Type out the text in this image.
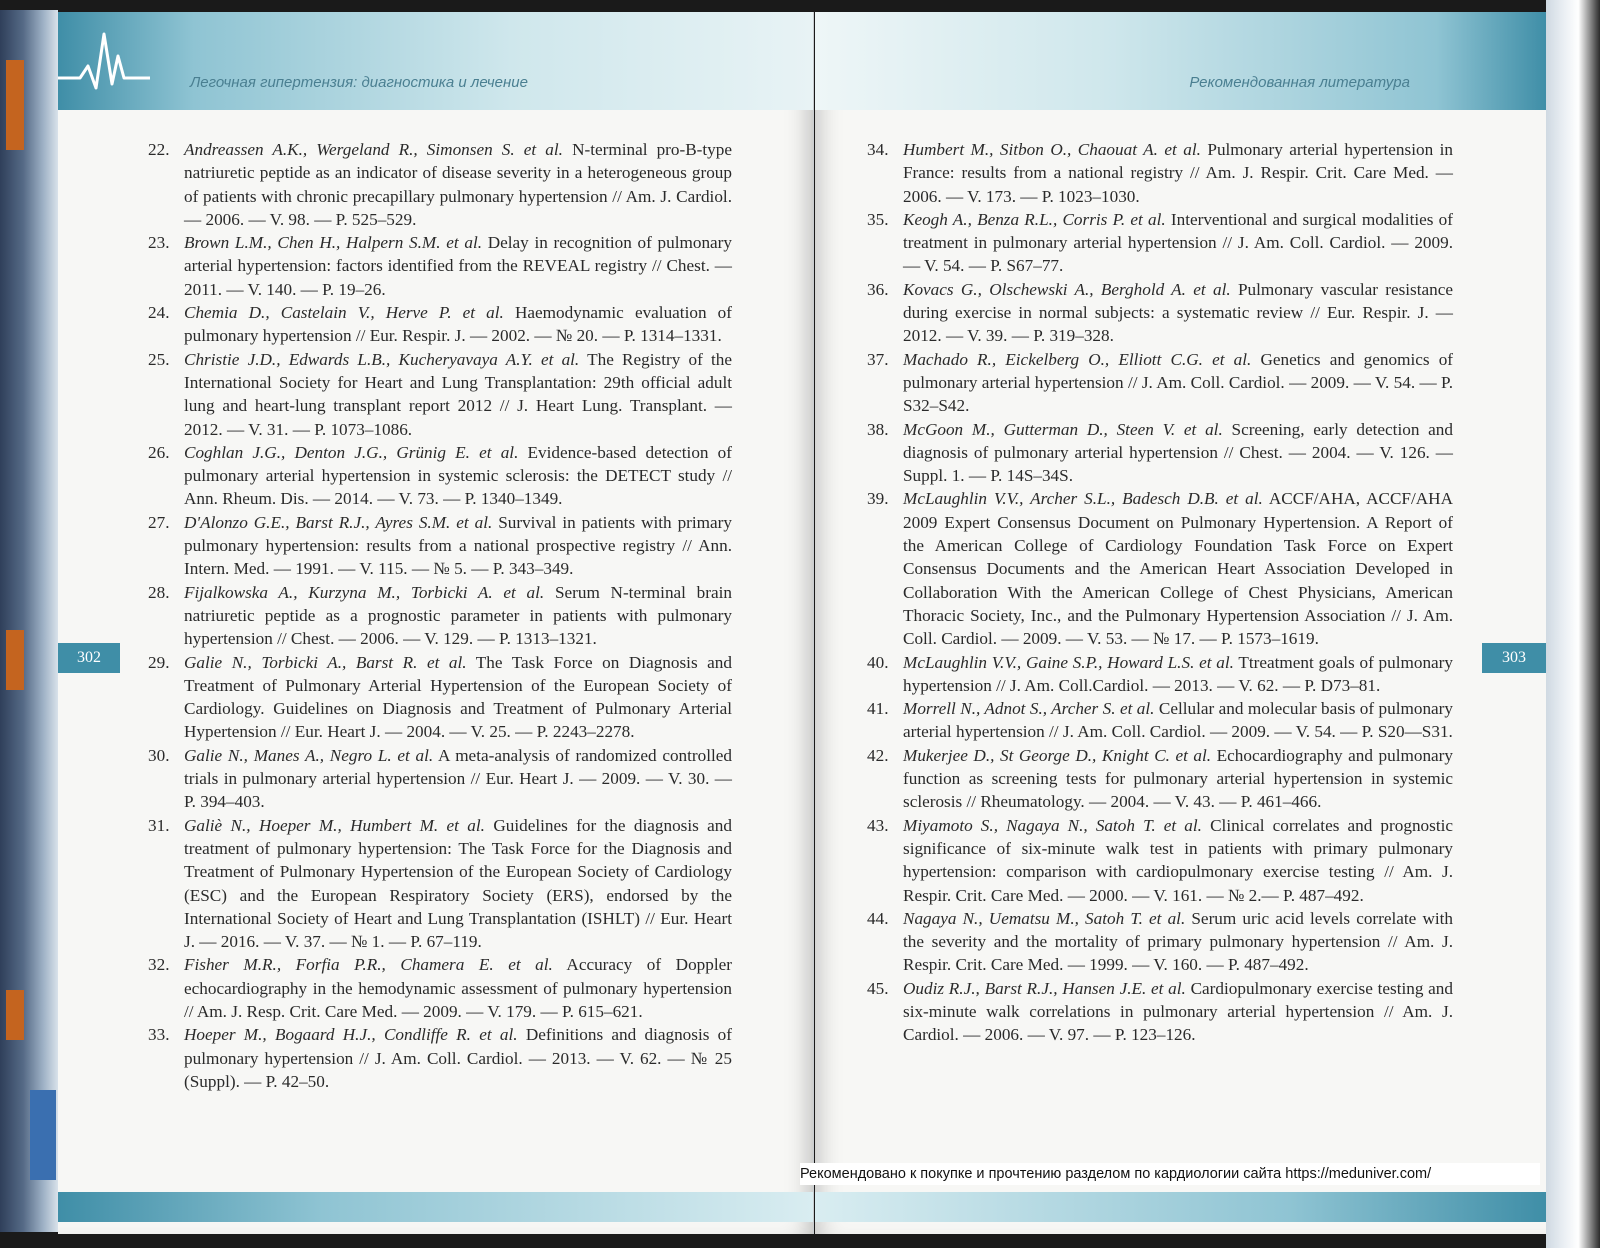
Легочная гипертензия: диагностика и лечение
22. Andreassen A.K., Wergeland R., Simonsen S. et al. N-terminal pro-B-type natriuretic peptide as an indicator of disease severity in a heterogeneous group of patients with chronic precapillary pulmonary hypertension // Am. J. Cardiol. — 2006. — V. 98. — P. 525–529.
23. Brown L.M., Chen H., Halpern S.M. et al. Delay in recognition of pulmonary arterial hypertension: factors identified from the REVEAL registry // Chest. — 2011. — V. 140. — P. 19–26.
24. Chemia D., Castelain V., Herve P. et al. Haemodynamic evaluation of pulmonary hypertension // Eur. Respir. J. — 2002. — № 20. — P. 1314–1331.
25. Christie J.D., Edwards L.B., Kucheryavaya A.Y. et al. The Registry of the International Society for Heart and Lung Transplantation: 29th official adult lung and heart-lung transplant report 2012 // J. Heart Lung. Transplant. — 2012. — V. 31. — P. 1073–1086.
26. Coghlan J.G., Denton J.G., Grünig E. et al. Evidence-based detection of pulmonary arterial hypertension in systemic sclerosis: the DETECT study // Ann. Rheum. Dis. — 2014. — V. 73. — P. 1340–1349.
27. D'Alonzo G.E., Barst R.J., Ayres S.M. et al. Survival in patients with primary pulmonary hypertension: results from a national prospective registry // Ann. Intern. Med. — 1991. — V. 115. — № 5. — P. 343–349.
28. Fijalkowska A., Kurzyna M., Torbicki A. et al. Serum N-terminal brain natriuretic peptide as a prognostic parameter in patients with pulmonary hypertension // Chest. — 2006. — V. 129. — P. 1313–1321.
29. Galie N., Torbicki A., Barst R. et al. The Task Force on Diagnosis and Treatment of Pulmonary Arterial Hypertension of the European Society of Cardiology. Guidelines on Diagnosis and Treatment of Pulmonary Arterial Hypertension // Eur. Heart J. — 2004. — V. 25. — P. 2243–2278.
30. Galie N., Manes A., Negro L. et al. A meta-analysis of randomized controlled trials in pulmonary arterial hypertension // Eur. Heart J. — 2009. — V. 30. — P. 394–403.
31. Galiè N., Hoeper M., Humbert M. et al. Guidelines for the diagnosis and treatment of pulmonary hypertension: The Task Force for the Diagnosis and Treatment of Pulmonary Hypertension of the European Society of Cardiology (ESC) and the European Respiratory Society (ERS), endorsed by the International Society of Heart and Lung Transplantation (ISHLT) // Eur. Heart J. — 2016. — V. 37. — № 1. — P. 67–119.
32. Fisher M.R., Forfia P.R., Chamera E. et al. Accuracy of Doppler echocardiography in the hemodynamic assessment of pulmonary hypertension // Am. J. Resp. Crit. Care Med. — 2009. — V. 179. — P. 615–621.
33. Hoeper M., Bogaard H.J., Condliffe R. et al. Definitions and diagnosis of pulmonary hypertension // J. Am. Coll. Cardiol. — 2013. — V. 62. — № 25 (Suppl). — P. 42–50.
302
Рекомендованная литература
34. Humbert M., Sitbon O., Chaouat A. et al. Pulmonary arterial hypertension in France: results from a national registry // Am. J. Respir. Crit. Care Med. — 2006. — V. 173. — P. 1023–1030.
35. Keogh A., Benza R.L., Corris P. et al. Interventional and surgical modalities of treatment in pulmonary arterial hypertension // J. Am. Coll. Cardiol. — 2009. — V. 54. — P. S67–77.
36. Kovacs G., Olschewski A., Berghold A. et al. Pulmonary vascular resistance during exercise in normal subjects: a systematic review // Eur. Respir. J. — 2012. — V. 39. — P. 319–328.
37. Machado R., Eickelberg O., Elliott C.G. et al. Genetics and genomics of pulmonary arterial hypertension // J. Am. Coll. Cardiol. — 2009. — V. 54. — P. S32–S42.
38. McGoon M., Gutterman D., Steen V. et al. Screening, early detection and diagnosis of pulmonary arterial hypertension // Chest. — 2004. — V. 126. — Suppl. 1. — P. 14S–34S.
39. McLaughlin V.V., Archer S.L., Badesch D.B. et al. ACCF/AHA, ACCF/AHA 2009 Expert Consensus Document on Pulmonary Hypertension. A Report of the American College of Cardiology Foundation Task Force on Expert Consensus Documents and the American Heart Association Developed in Collaboration With the American College of Chest Physicians, American Thoracic Society, Inc., and the Pulmonary Hypertension Association // J. Am. Coll. Cardiol. — 2009. — V. 53. — № 17. — P. 1573–1619.
40. McLaughlin V.V., Gaine S.P., Howard L.S. et al. Ttreatment goals of pulmonary hypertension // J. Am. Coll.Cardiol. — 2013. — V. 62. — P. D73–81.
41. Morrell N., Adnot S., Archer S. et al. Cellular and molecular basis of pulmonary arterial hypertension // J. Am. Coll. Cardiol. — 2009. — V. 54. — P. S20—S31.
42. Mukerjee D., St George D., Knight C. et al. Echocardiography and pulmonary function as screening tests for pulmonary arterial hypertension in systemic sclerosis // Rheumatology. — 2004. — V. 43. — P. 461–466.
43. Miyamoto S., Nagaya N., Satoh T. et al. Clinical correlates and prognostic significance of six-minute walk test in patients with primary pulmonary hypertension: comparison with cardiopulmonary exercise testing // Am. J. Respir. Crit. Care Med. — 2000. — V. 161. — № 2.— P. 487–492.
44. Nagaya N., Uematsu M., Satoh T. et al. Serum uric acid levels correlate with the severity and the mortality of primary pulmonary hypertension // Am. J. Respir. Crit. Care Med. — 1999. — V. 160. — P. 487–492.
45. Oudiz R.J., Barst R.J., Hansen J.E. et al. Cardiopulmonary exercise testing and six-minute walk correlations in pulmonary arterial hypertension // Am. J. Cardiol. — 2006. — V. 97. — P. 123–126.
303
Рекомендовано к покупке и прочтению разделом по кардиологии сайта https://meduniver.com/
